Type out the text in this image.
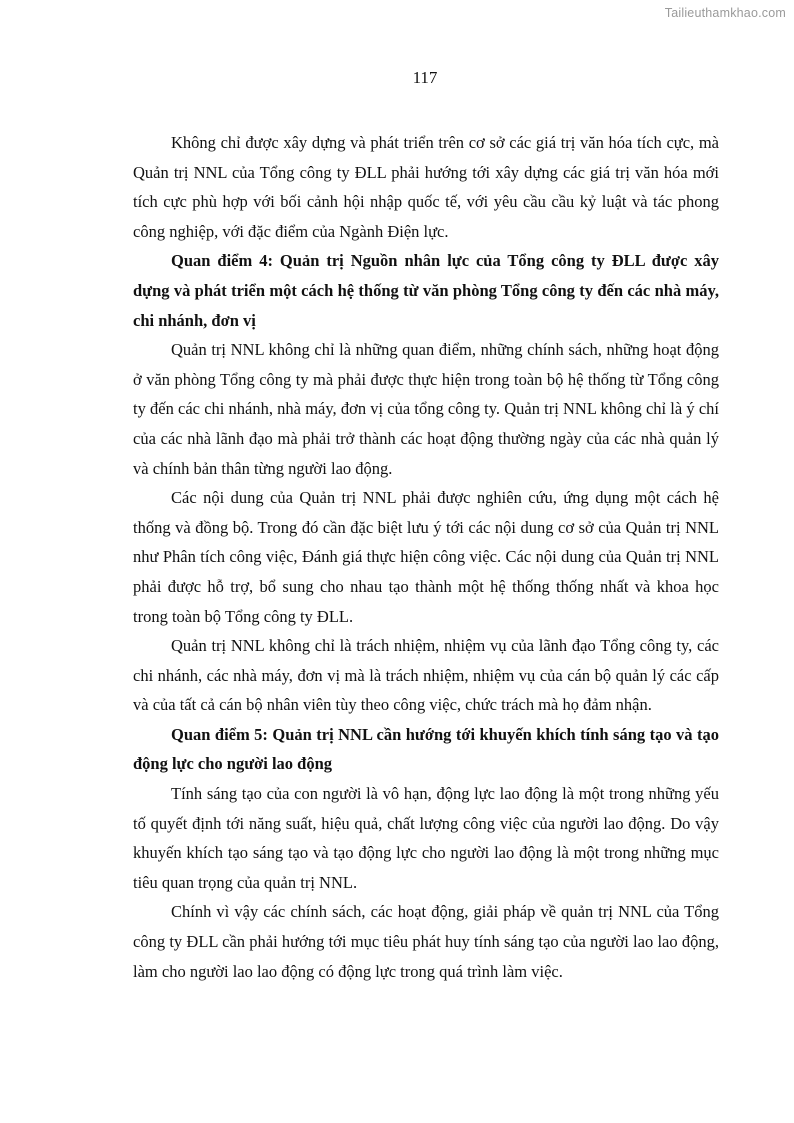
Tailieuthamkhao.com
117

Không chỉ được xây dựng và phát triển trên cơ sở các giá trị văn hóa tích cực, mà Quản trị NNL của Tổng công ty ĐLL phải hướng tới xây dựng các giá trị văn hóa mới tích cực phù hợp với bối cảnh hội nhập quốc tế, với yêu cầu cầu kỷ luật và tác phong công nghiệp, với đặc điểm của Ngành Điện lực.

Quan điểm 4: Quản trị Nguồn nhân lực của Tổng công ty ĐLL được xây dựng và phát triển một cách hệ thống từ văn phòng Tổng công ty đến các nhà máy, chi nhánh, đơn vị

Quản trị NNL không chỉ là những quan điểm, những chính sách, những hoạt động ở văn phòng Tổng công ty mà phải được thực hiện trong toàn bộ hệ thống từ Tổng công ty đến các chi nhánh, nhà máy, đơn vị của tổng công ty. Quản trị NNL không chỉ là ý chí của các nhà lãnh đạo mà phải trở thành các hoạt động thường ngày của các nhà quản lý và chính bản thân từng người lao động.

Các nội dung của Quản trị NNL phải được nghiên cứu, ứng dụng một cách hệ thống và đồng bộ. Trong đó cần đặc biệt lưu ý tới các nội dung cơ sở của Quản trị NNL như Phân tích công việc, Đánh giá thực hiện công việc. Các nội dung của Quản trị NNL phải được hỗ trợ, bổ sung cho nhau tạo thành một hệ thống thống nhất và khoa học trong toàn bộ Tổng công ty ĐLL.

Quản trị NNL không chỉ là trách nhiệm, nhiệm vụ của lãnh đạo Tổng công ty, các chi nhánh, các nhà máy, đơn vị mà là trách nhiệm, nhiệm vụ của cán bộ quản lý các cấp và của tất cả cán bộ nhân viên tùy theo công việc, chức trách mà họ đảm nhận.

Quan điểm 5: Quản trị NNL cần hướng tới khuyến khích tính sáng tạo và tạo động lực cho người lao động

Tính sáng tạo của con người là vô hạn, động lực lao động là một trong những yếu tố quyết định tới năng suất, hiệu quả, chất lượng công việc của người lao động. Do vậy khuyến khích tạo sáng tạo và tạo động lực cho người lao động là một trong những mục tiêu quan trọng của quản trị NNL.

Chính vì vậy các chính sách, các hoạt động, giải pháp về quản trị NNL của Tổng công ty ĐLL cần phải hướng tới mục tiêu phát huy tính sáng tạo của người lao lao động, làm cho người lao lao động có động lực trong quá trình làm việc.
